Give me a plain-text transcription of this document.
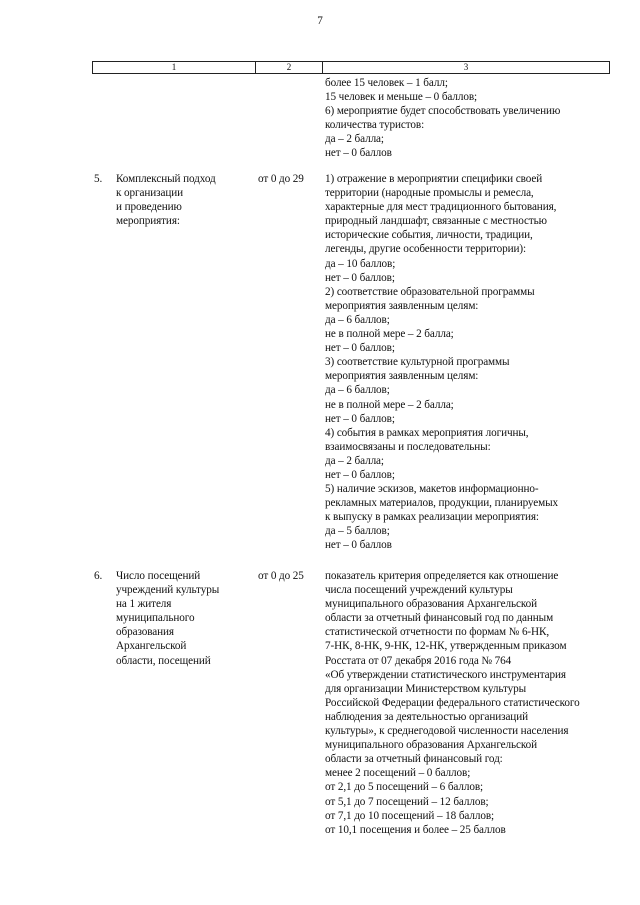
7
1	2	3
более 15 человек – 1 балл;
15 человек и меньше – 0 баллов;
6) мероприятие будет способствовать увеличению
количества туристов:
да – 2 балла;
нет – 0 баллов
5.	Комплексный подход
к организации
и проведению
мероприятия:
от 0 до 29	1) отражение в мероприятии специфики своей
территории (народные промыслы и ремесла,
характерные для мест традиционного бытования,
природный ландшафт, связанные с местностью
исторические события, личности, традиции,
легенды, другие особенности территории):
да – 10 баллов;
нет – 0 баллов;
2) соответствие образовательной программы
мероприятия заявленным целям:
да – 6 баллов;
не в полной мере – 2 балла;
нет – 0 баллов;
3) соответствие культурной программы
мероприятия заявленным целям:
да – 6 баллов;
не в полной мере – 2 балла;
нет – 0 баллов;
4) события в рамках мероприятия логичны,
взаимосвязаны и последовательны:
да – 2 балла;
нет – 0 баллов;
5) наличие эскизов, макетов информационно-
рекламных материалов, продукции, планируемых
к выпуску в рамках реализации мероприятия:
да – 5 баллов;
нет – 0 баллов
6.	Число посещений
учреждений культуры
на 1 жителя
муниципального
образования
Архангельской
области, посещений
от 0 до 25	показатель критерия определяется как отношение
числа посещений учреждений культуры
муниципального образования Архангельской
области за отчетный финансовый год по данным
статистической отчетности по формам № 6-НК,
7-НК, 8-НК, 9-НК, 12-НК, утвержденным приказом
Росстата от 07 декабря 2016 года № 764
«Об утверждении статистического инструментария
для организации Министерством культуры
Российской Федерации федерального статистического
наблюдения за деятельностью организаций
культуры», к среднегодовой численности населения
муниципального образования Архангельской
области за отчетный финансовый год:
менее 2 посещений – 0 баллов;
от 2,1 до 5 посещений – 6 баллов;
от 5,1 до 7 посещений – 12 баллов;
от 7,1 до 10 посещений – 18 баллов;
от 10,1 посещения и более – 25 баллов
